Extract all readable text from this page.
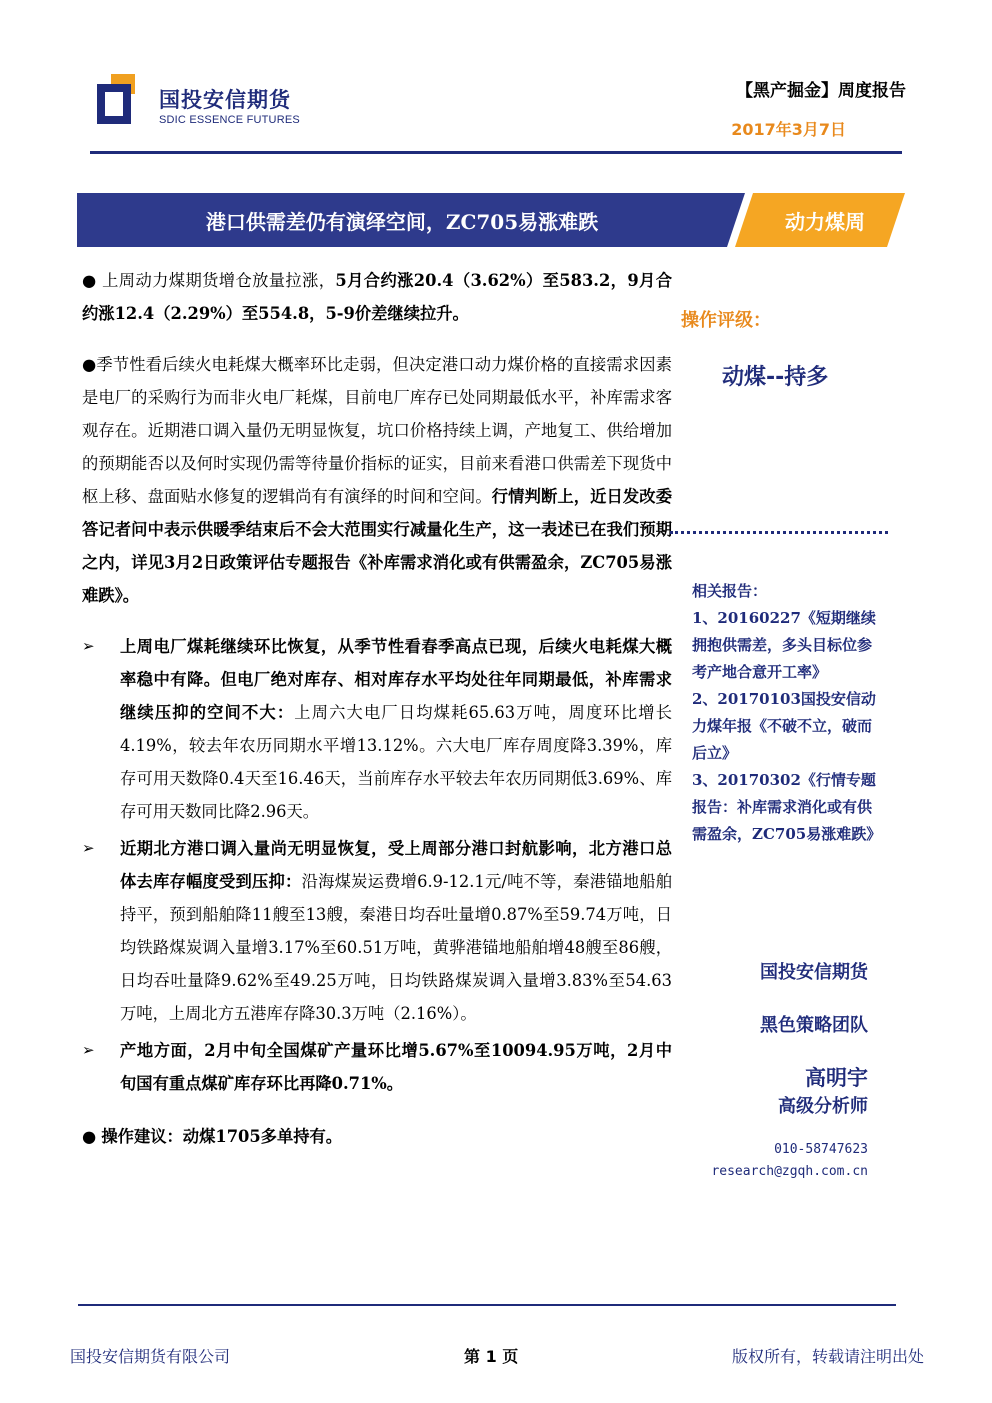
国投安信期货
SDIC ESSENCE FUTURES
【黑产掘金】周度报告
2017年3月7日
港口供需差仍有演绎空间，ZC705易涨难跌	动力煤周
● 上周动力煤期货增仓放量拉涨，5月合约涨20.4（3.62%）至583.2，9月合约涨12.4（2.29%）至554.8，5-9价差继续拉升。
●季节性看后续火电耗煤大概率环比走弱，但决定港口动力煤价格的直接需求因素是电厂的采购行为而非火电厂耗煤，目前电厂库存已处同期最低水平，补库需求客观存在。近期港口调入量仍无明显恢复，坑口价格持续上调，产地复工、供给增加的预期能否以及何时实现仍需等待量价指标的证实，目前来看港口供需差下现货中枢上移、盘面贴水修复的逻辑尚有有演绎的时间和空间。行情判断上，近日发改委答记者问中表示供暖季结束后不会大范围实行减量化生产，这一表述已在我们预期之内，详见3月2日政策评估专题报告《补库需求消化或有供需盈余，ZC705易涨难跌》。
➢ 上周电厂煤耗继续环比恢复，从季节性看春季高点已现，后续火电耗煤大概率稳中有降。但电厂绝对库存、相对库存水平均处往年同期最低，补库需求继续压抑的空间不大：上周六大电厂日均煤耗65.63万吨，周度环比增长4.19%，较去年农历同期水平增13.12%。六大电厂库存周度降3.39%，库存可用天数降0.4天至16.46天，当前库存水平较去年农历同期低3.69%、库存可用天数同比降2.96天。
➢ 近期北方港口调入量尚无明显恢复，受上周部分港口封航影响，北方港口总体去库存幅度受到压抑：沿海煤炭运费增6.9-12.1元/吨不等，秦港锚地船舶持平，预到船舶降11艘至13艘，秦港日均吞吐量增0.87%至59.74万吨，日均铁路煤炭调入量增3.17%至60.51万吨，黄骅港锚地船舶增48艘至86艘，日均吞吐量降9.62%至49.25万吨，日均铁路煤炭调入量增3.83%至54.63万吨，上周北方五港库存降30.3万吨（2.16%）。
➢ 产地方面，2月中旬全国煤矿产量环比增5.67%至10094.95万吨，2月中旬国有重点煤矿库存环比再降0.71%。
● 操作建议：动煤1705多单持有。
操作评级：
动煤--持多
相关报告：
1、20160227《短期继续拥抱供需差，多头目标位参考产地合意开工率》
2、20170103国投安信动力煤年报《不破不立，破而后立》
3、20170302《行情专题报告：补库需求消化或有供需盈余，ZC705易涨难跌》
国投安信期货
黑色策略团队
高明宇
高级分析师
010-58747623
research@zgqh.com.cn
国投安信期货有限公司	第 1 页	版权所有，转载请注明出处
